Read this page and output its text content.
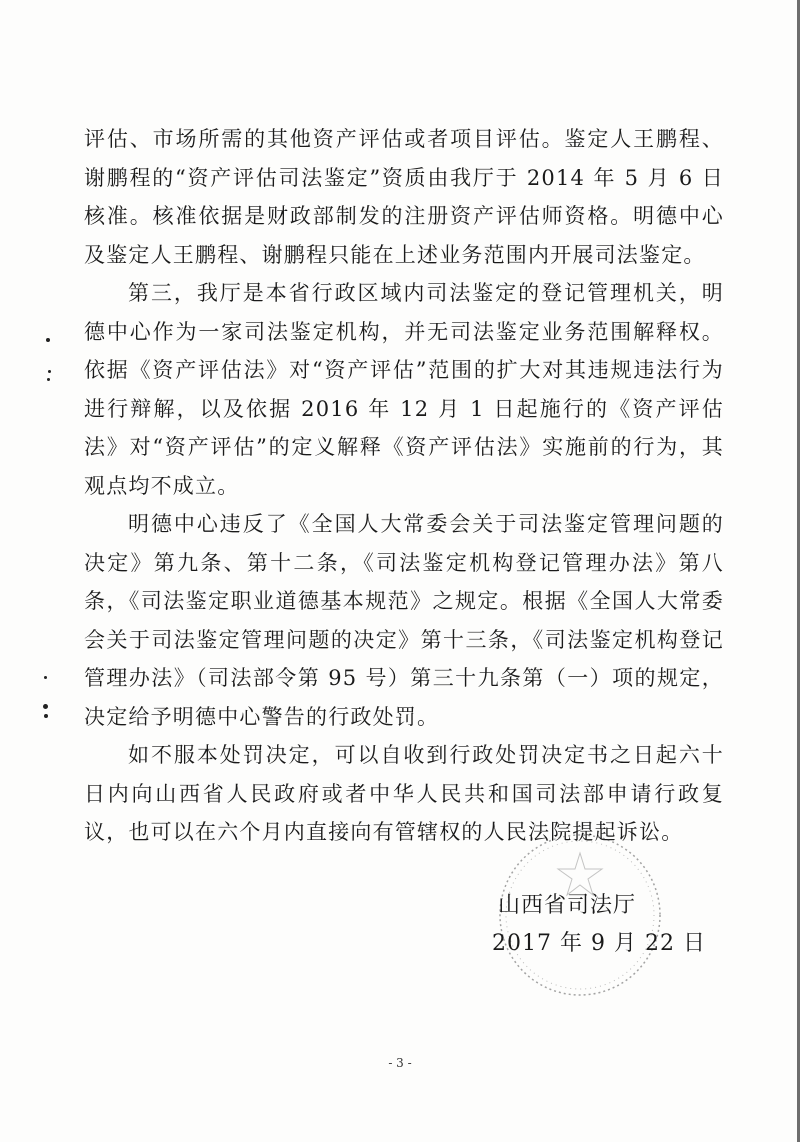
评估、市场所需的其他资产评估或者项目评估。鉴定人王鹏程、谢鹏程的“资产评估司法鉴定”资质由我厅于 2014 年 5 月 6 日核准。核准依据是财政部制发的注册资产评估师资格。明德中心及鉴定人王鹏程、谢鹏程只能在上述业务范围内开展司法鉴定。

第三，我厅是本省行政区域内司法鉴定的登记管理机关，明德中心作为一家司法鉴定机构，并无司法鉴定业务范围解释权。依据《资产评估法》对“资产评估”范围的扩大对其违规违法行为进行辩解，以及依据 2016 年 12 月 1 日起施行的《资产评估法》对“资产评估”的定义解释《资产评估法》实施前的行为，其观点均不成立。

明德中心违反了《全国人大常委会关于司法鉴定管理问题的决定》第九条、第十二条，《司法鉴定机构登记管理办法》第八条，《司法鉴定职业道德基本规范》之规定。根据《全国人大常委会关于司法鉴定管理问题的决定》第十三条，《司法鉴定机构登记管理办法》（司法部令第 95 号）第三十九条第（一）项的规定，决定给予明德中心警告的行政处罚。

如不服本处罚决定，可以自收到行政处罚决定书之日起六十日内向山西省人民政府或者中华人民共和国司法部申请行政复议，也可以在六个月内直接向有管辖权的人民法院提起诉讼。

山西省司法厅
2017 年 9 月 22 日
- 3 -
